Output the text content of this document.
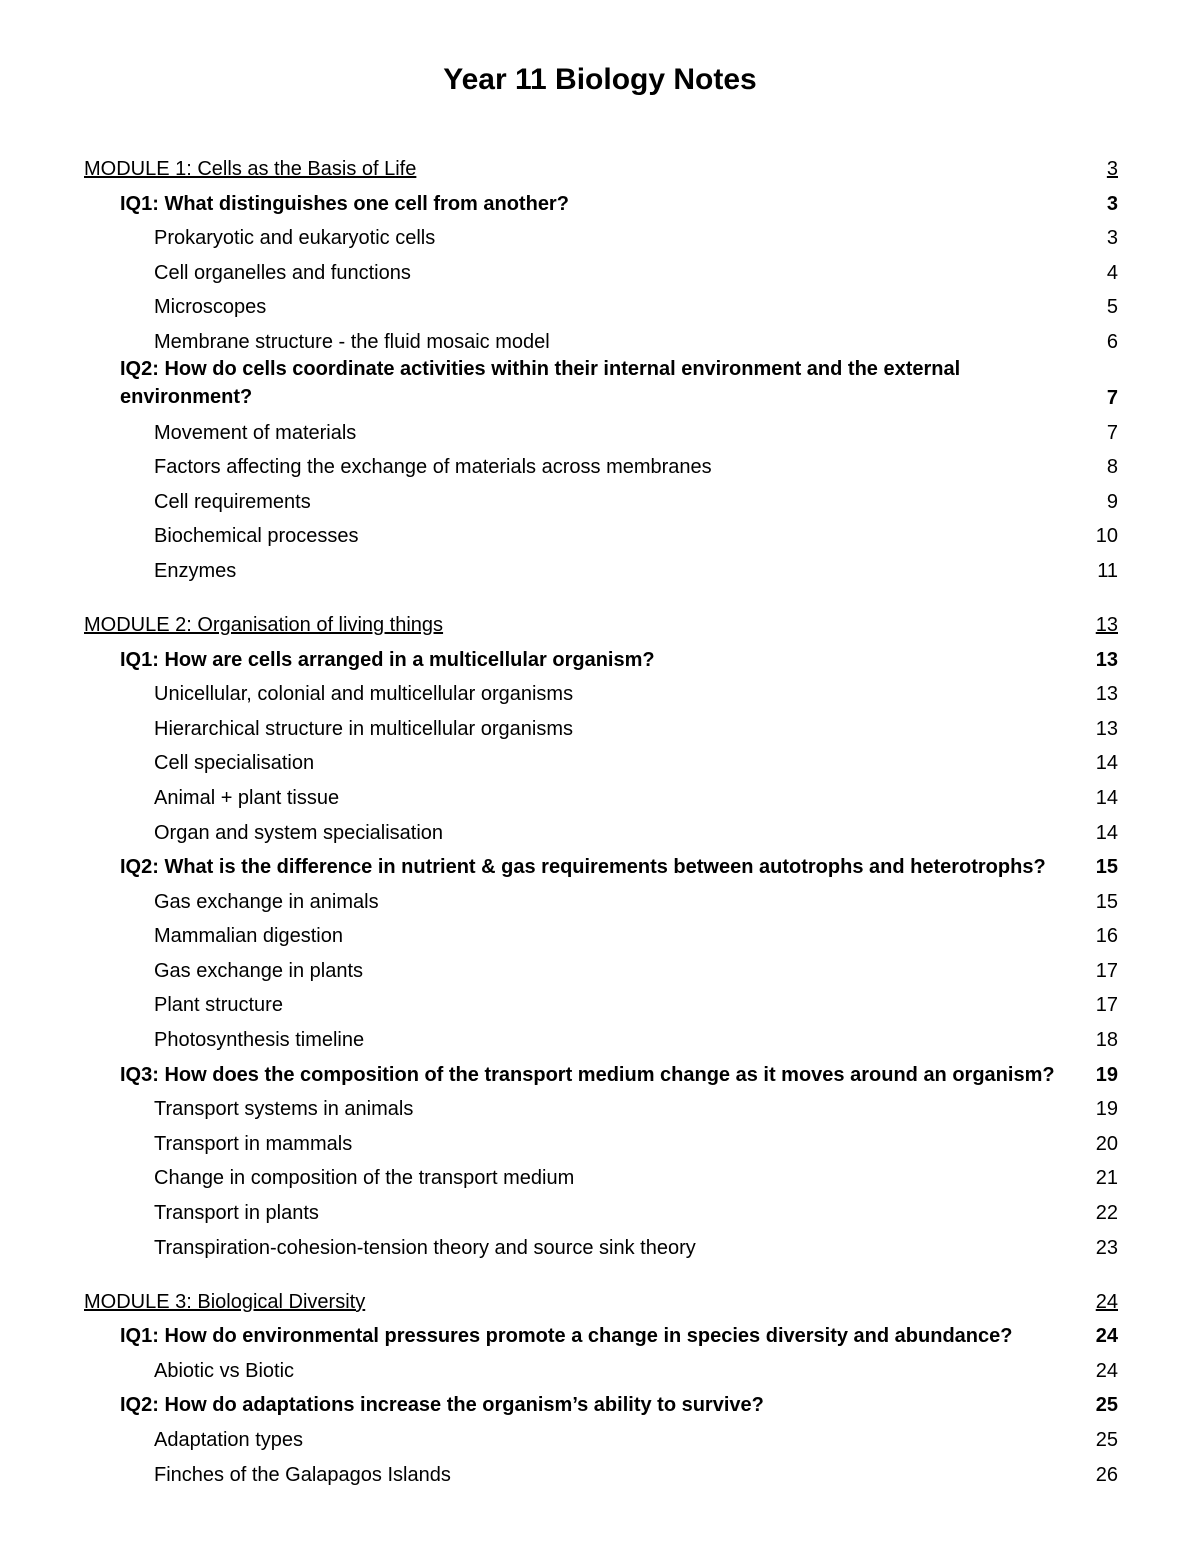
Year 11 Biology Notes
MODULE 1: Cells as the Basis of Life	3
IQ1: What distinguishes one cell from another?	3
Prokaryotic and eukaryotic cells	3
Cell organelles and functions	4
Microscopes	5
Membrane structure - the fluid mosaic model	6
IQ2: How do cells coordinate activities within their internal environment and the external environment?	7
Movement of materials	7
Factors affecting the exchange of materials across membranes	8
Cell requirements	9
Biochemical processes	10
Enzymes	11
MODULE 2: Organisation of living things	13
IQ1: How are cells arranged in a multicellular organism?	13
Unicellular, colonial and multicellular organisms	13
Hierarchical structure in multicellular organisms	13
Cell specialisation	14
Animal + plant tissue	14
Organ and system specialisation	14
IQ2: What is the difference in nutrient & gas requirements between autotrophs and heterotrophs?	15
Gas exchange in animals	15
Mammalian digestion	16
Gas exchange in plants	17
Plant structure	17
Photosynthesis timeline	18
IQ3: How does the composition of the transport medium change as it moves around an organism?	19
Transport systems in animals	19
Transport in mammals	20
Change in composition of the transport medium	21
Transport in plants	22
Transpiration-cohesion-tension theory and source sink theory	23
MODULE 3: Biological Diversity	24
IQ1: How do environmental pressures promote a change in species diversity and abundance?	24
Abiotic vs Biotic	24
IQ2: How do adaptations increase the organism’s ability to survive?	25
Adaptation types	25
Finches of the Galapagos Islands	26
